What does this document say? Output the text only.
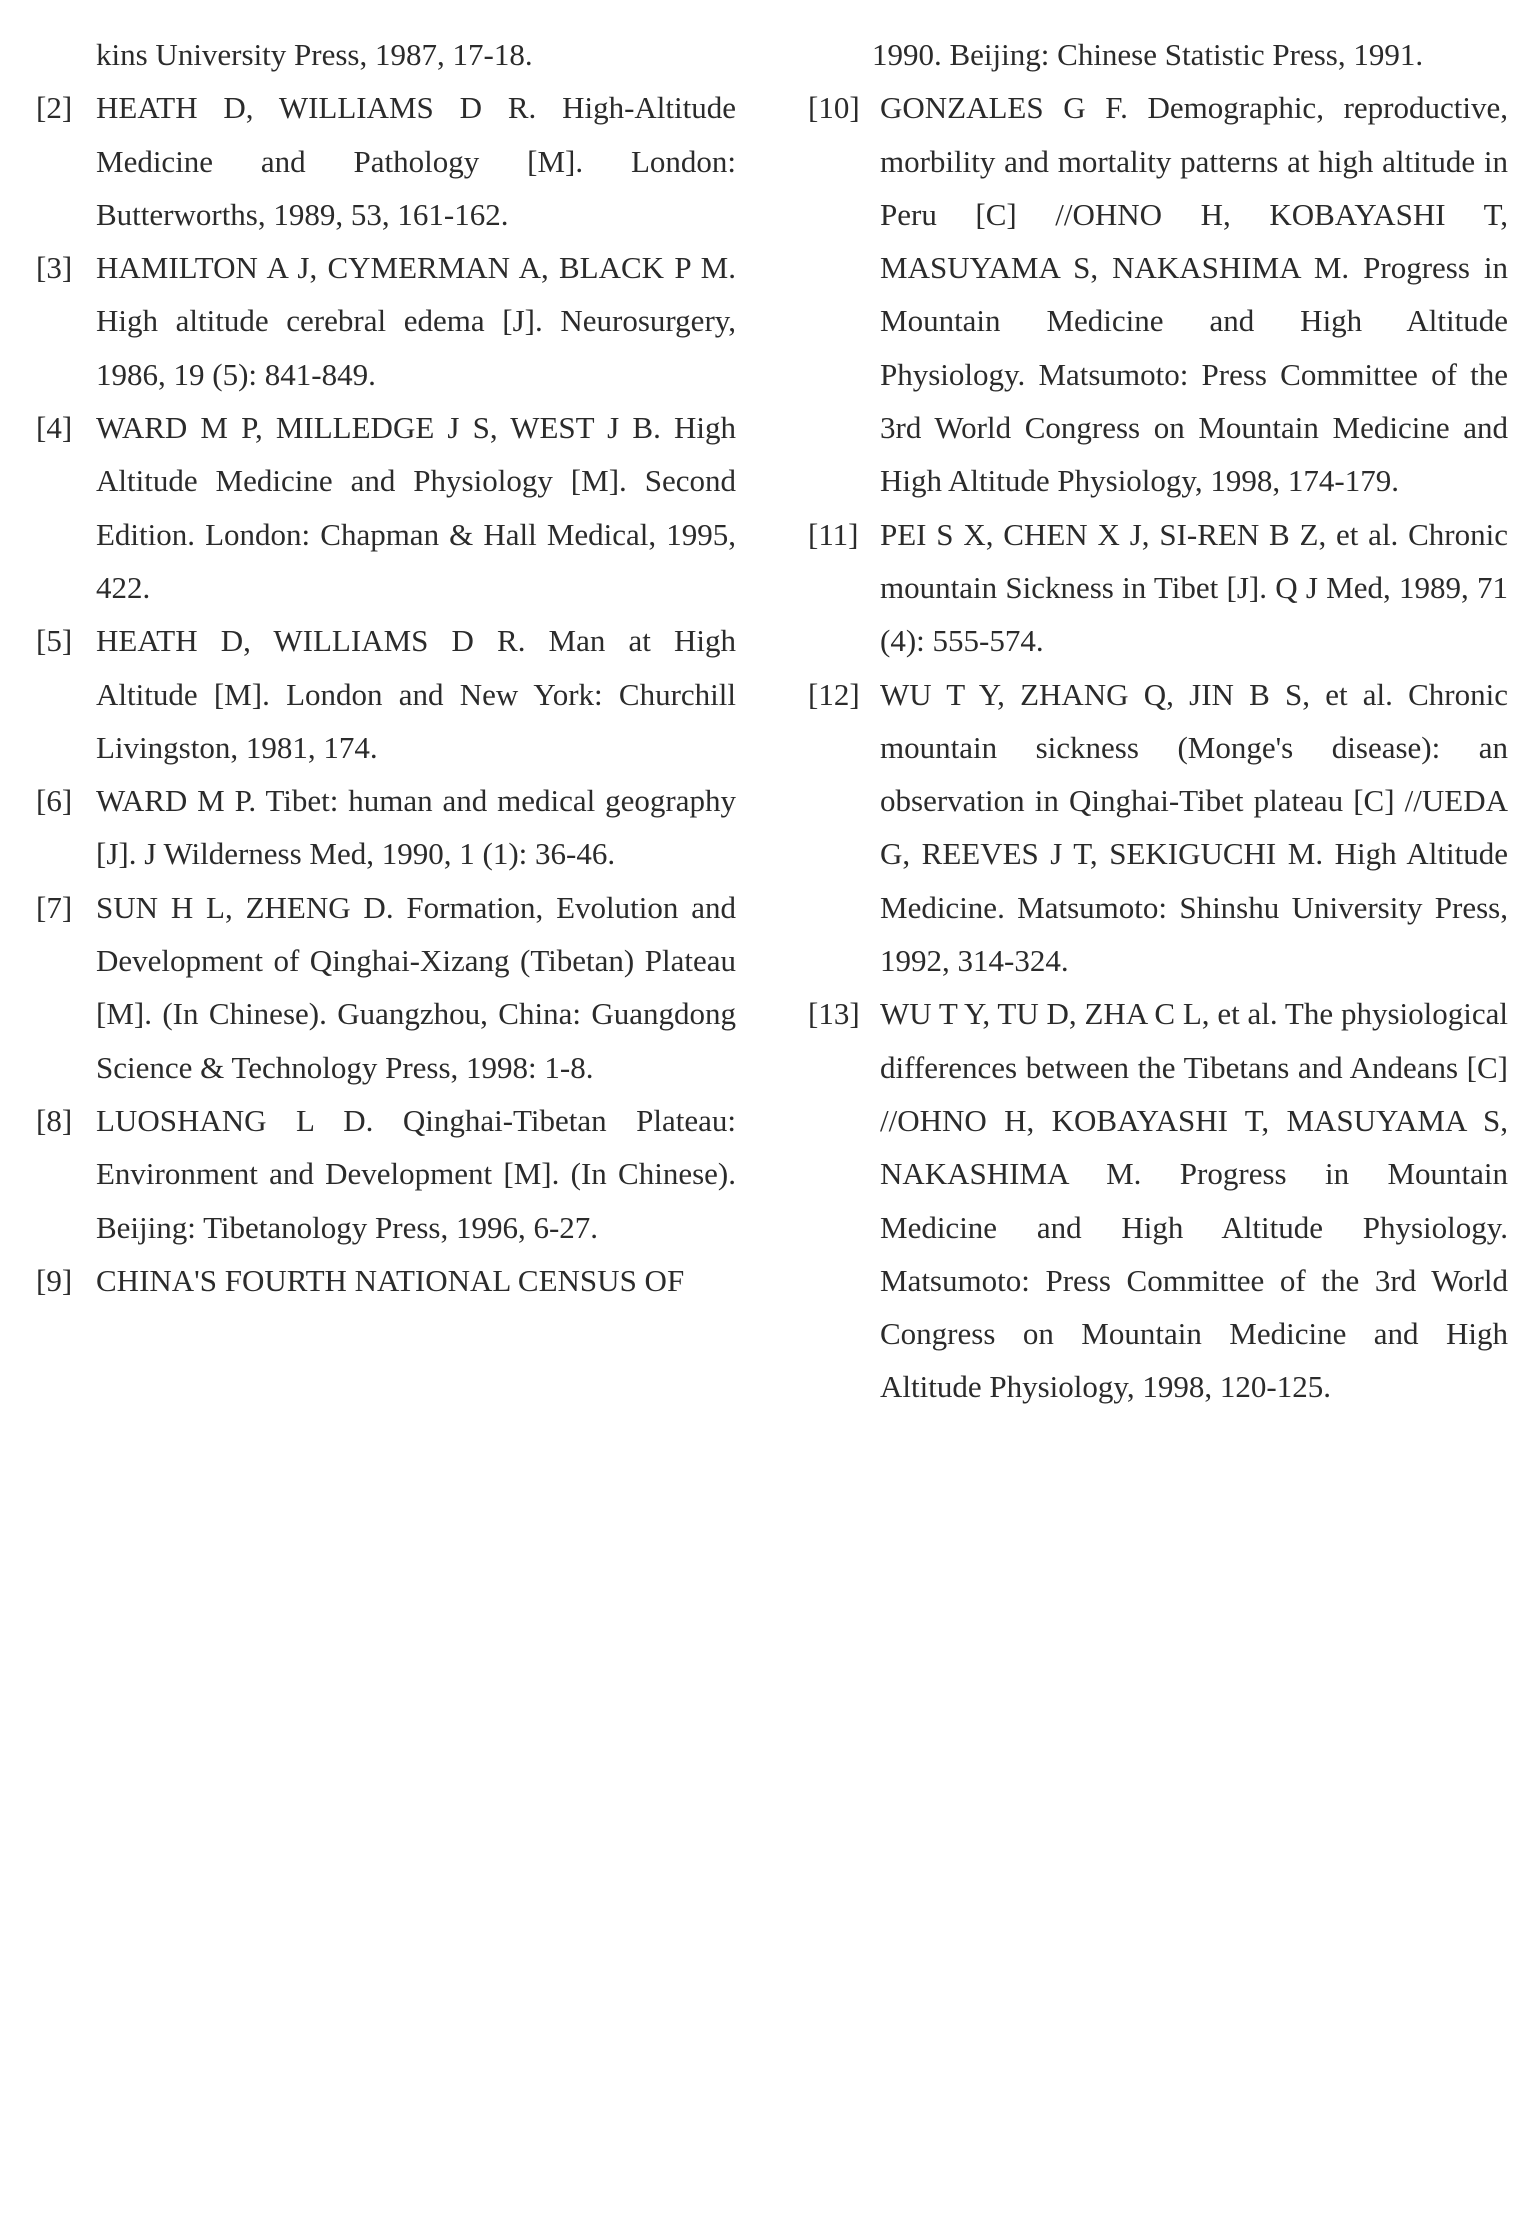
kins University Press, 1987, 17-18.
[2] HEATH D, WILLIAMS D R. High-Altitude Medicine and Pathology [M]. London: Butterworths, 1989, 53, 161-162.
[3] HAMILTON A J, CYMERMAN A, BLACK P M. High altitude cerebral edema [J]. Neurosurgery, 1986, 19 (5): 841-849.
[4] WARD M P, MILLEDGE J S, WEST J B. High Altitude Medicine and Physiology [M]. Second Edition. London: Chapman & Hall Medical, 1995, 422.
[5] HEATH D, WILLIAMS D R. Man at High Altitude [M]. London and New York: Churchill Livingston, 1981, 174.
[6] WARD M P. Tibet: human and medical geography [J]. J Wilderness Med, 1990, 1 (1): 36-46.
[7] SUN H L, ZHENG D. Formation, Evolution and Development of Qinghai-Xizang (Tibetan) Plateau [M]. (In Chinese). Guangzhou, China: Guangdong Science & Technology Press, 1998: 1-8.
[8] LUOSHANG L D. Qinghai-Tibetan Plateau: Environment and Development [M]. (In Chinese). Beijing: Tibetanology Press, 1996, 6-27.
[9] CHINA'S FOURTH NATIONAL CENSUS OF
1990. Beijing: Chinese Statistic Press, 1991.
[10] GONZALES G F. Demographic, reproductive, morbility and mortality patterns at high altitude in Peru [C] //OHNO H, KOBAYASHI T, MASUYAMA S, NAKASHIMA M. Progress in Mountain Medicine and High Altitude Physiology. Matsumoto: Press Committee of the 3rd World Congress on Mountain Medicine and High Altitude Physiology, 1998, 174-179.
[11] PEI S X, CHEN X J, SI-REN B Z, et al. Chronic mountain Sickness in Tibet [J]. Q J Med, 1989, 71 (4): 555-574.
[12] WU T Y, ZHANG Q, JIN B S, et al. Chronic mountain sickness (Monge's disease): an observation in Qinghai-Tibet plateau [C] //UEDA G, REEVES J T, SEKIGUCHI M. High Altitude Medicine. Matsumoto: Shinshu University Press, 1992, 314-324.
[13] WU T Y, TU D, ZHA C L, et al. The physiological differences between the Tibetans and Andeans [C] //OHNO H, KOBAYASHI T, MASUYAMA S, NAKASHIMA M. Progress in Mountain Medicine and High Altitude Physiology. Matsumoto: Press Committee of the 3rd World Congress on Mountain Medicine and High Altitude Physiology, 1998, 120-125.
